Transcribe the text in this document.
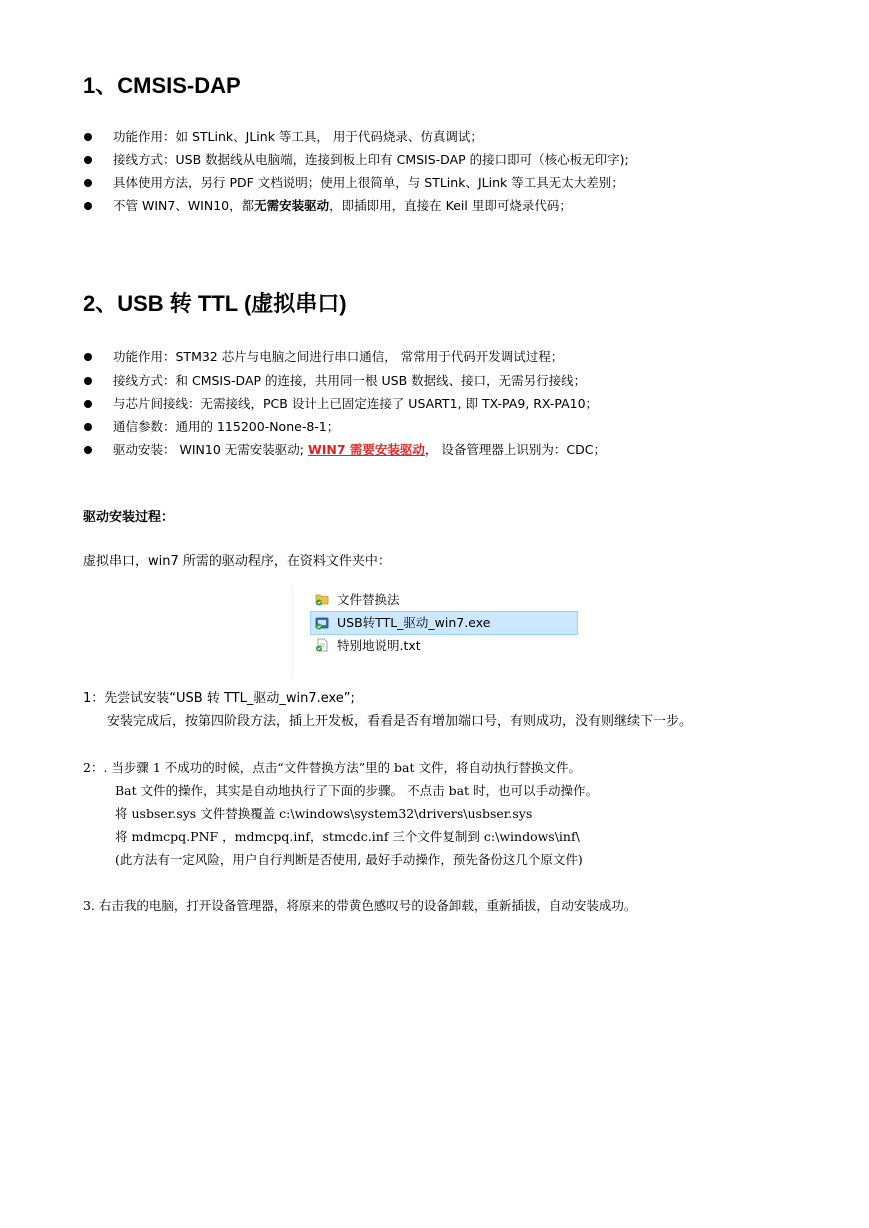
1、CMSIS-DAP
功能作用：如 STLink、JLink 等工具， 用于代码烧录、仿真调试；
接线方式：USB 数据线从电脑端，连接到板上印有 CMSIS-DAP 的接口即可（核心板无印字);
具体使用方法，另行 PDF 文档说明；使用上很简单，与 STLink、JLink 等工具无太大差别；
不管 WIN7、WIN10，都无需安装驱动，即插即用，直接在 Keil 里即可烧录代码；
2、USB 转 TTL (虚拟串口)
功能作用：STM32 芯片与电脑之间进行串口通信， 常常用于代码开发调试过程；
接线方式：和 CMSIS-DAP 的连接，共用同一根 USB 数据线、接口，无需另行接线；
与芯片间接线：无需接线，PCB 设计上已固定连接了 USART1, 即 TX-PA9, RX-PA10；
通信参数：通用的 115200-None-8-1；
驱动安装： WIN10 无需安装驱动; WIN7 需要安装驱动， 设备管理器上识别为：CDC；
驱动安装过程：
虚拟串口，win7 所需的驱动程序，在资料文件夹中：
文件替换法
USB转TTL_驱动_win7.exe
特别地说明.txt
1：先尝试安装“USB 转 TTL_驱动_win7.exe”;
安装完成后，按第四阶段方法，插上开发板，看看是否有增加端口号，有则成功，没有则继续下一步。
2：. 当步骤 1 不成功的时候，点击“文件替换方法”里的 bat 文件，将自动执行替换文件。
Bat 文件的操作，其实是自动地执行了下面的步骤。 不点击 bat 时，也可以手动操作。
将 usbser.sys 文件替换覆盖 c:\windows\system32\drivers\usbser.sys
将 mdmcpq.PNF ，mdmcpq.inf，stmcdc.inf 三个文件复制到 c:\windows\inf\
(此方法有一定风险，用户自行判断是否使用, 最好手动操作，预先备份这几个原文件)
3. 右击我的电脑，打开设备管理器，将原来的带黄色感叹号的设备卸载，重新插拔，自动安装成功。
